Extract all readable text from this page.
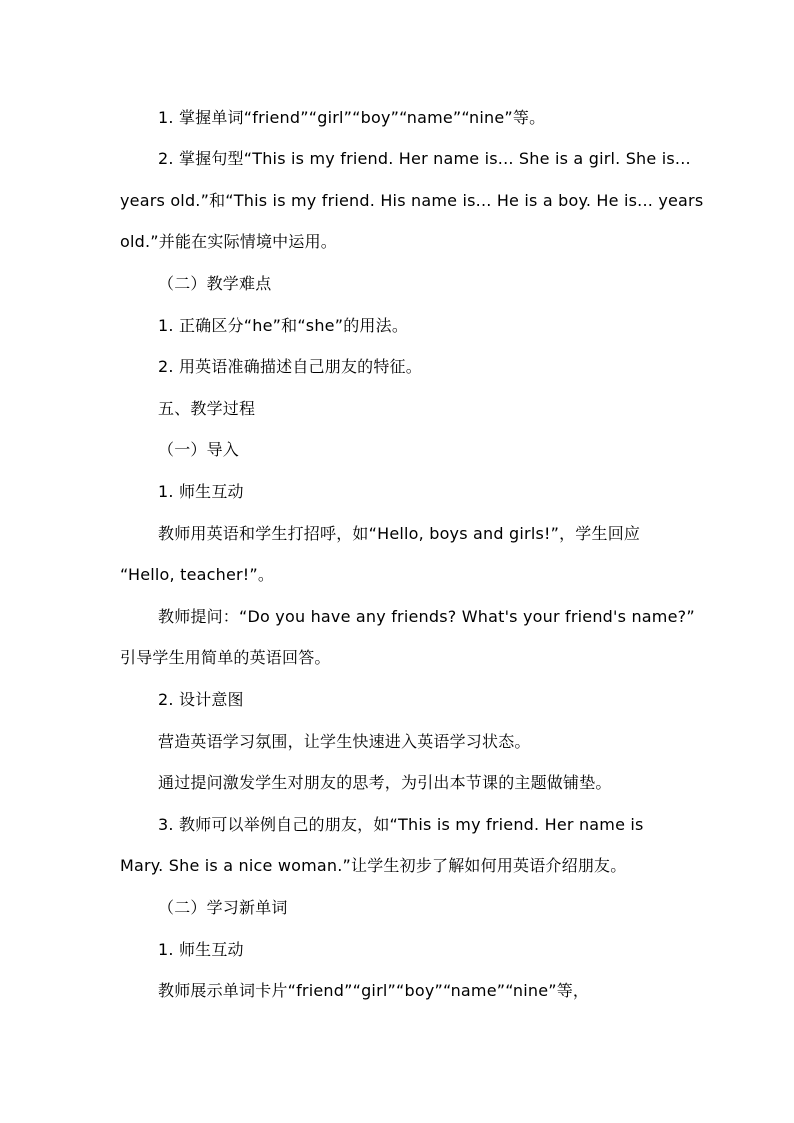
1. 掌握单词“friend”“girl”“boy”“name”“nine”等。
2. 掌握句型“This is my friend. Her name is... She is a girl. She is...
years old.”和“This is my friend. His name is... He is a boy. He is... years
old.”并能在实际情境中运用。
（二）教学难点
1. 正确区分“he”和“she”的用法。
2. 用英语准确描述自己朋友的特征。
五、教学过程
（一）导入
1. 师生互动
教师用英语和学生打招呼，如“Hello, boys and girls!”，学生回应
“Hello, teacher!”。
教师提问：“Do you have any friends? What's your friend's name?”
引导学生用简单的英语回答。
2. 设计意图
营造英语学习氛围，让学生快速进入英语学习状态。
通过提问激发学生对朋友的思考，为引出本节课的主题做铺垫。
3. 教师可以举例自己的朋友，如“This is my friend. Her name is
Mary. She is a nice woman.”让学生初步了解如何用英语介绍朋友。
（二）学习新单词
1. 师生互动
教师展示单词卡片“friend”“girl”“boy”“name”“nine”等，
